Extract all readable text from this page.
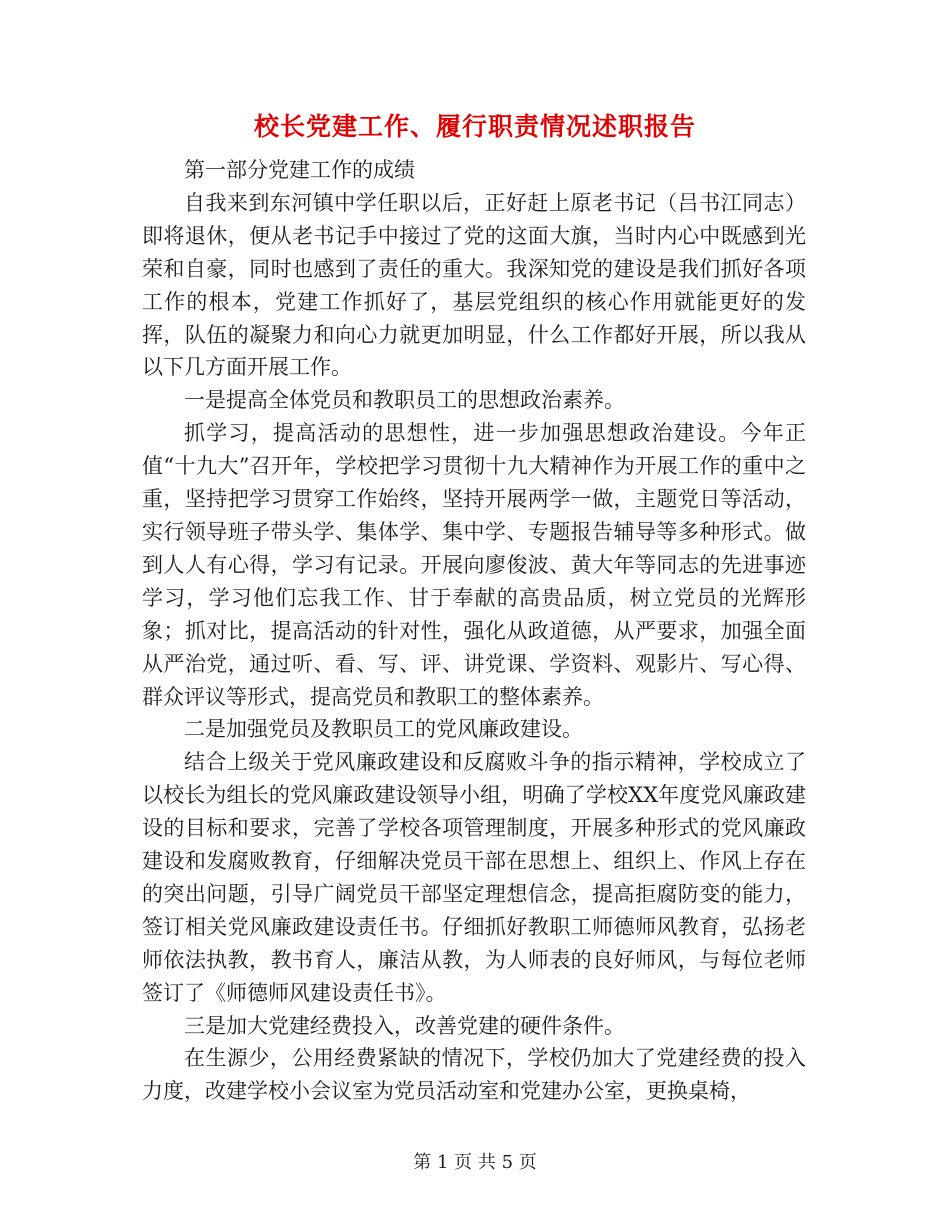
校长党建工作、履行职责情况述职报告

第一部分党建工作的成绩

自我来到东河镇中学任职以后，正好赶上原老书记（吕书江同志）即将退休，便从老书记手中接过了党的这面大旗，当时内心中既感到光荣和自豪，同时也感到了责任的重大。我深知党的建设是我们抓好各项工作的根本，党建工作抓好了，基层党组织的核心作用就能更好的发挥，队伍的凝聚力和向心力就更加明显，什么工作都好开展，所以我从以下几方面开展工作。

一是提高全体党员和教职员工的思想政治素养。

抓学习，提高活动的思想性，进一步加强思想政治建设。今年正值“十九大”召开年，学校把学习贯彻十九大精神作为开展工作的重中之重，坚持把学习贯穿工作始终，坚持开展两学一做，主题党日等活动，实行领导班子带头学、集体学、集中学、专题报告辅导等多种形式。做到人人有心得，学习有记录。开展向廖俊波、黄大年等同志的先进事迹学习，学习他们忘我工作、甘于奉献的高贵品质，树立党员的光辉形象；抓对比，提高活动的针对性，强化从政道德，从严要求，加强全面从严治党，通过听、看、写、评、讲党课、学资料、观影片、写心得、群众评议等形式，提高党员和教职工的整体素养。

二是加强党员及教职员工的党风廉政建设。

结合上级关于党风廉政建设和反腐败斗争的指示精神，学校成立了以校长为组长的党风廉政建设领导小组，明确了学校XX年度党风廉政建设的目标和要求，完善了学校各项管理制度，开展多种形式的党风廉政建设和发腐败教育，仔细解决党员干部在思想上、组织上、作风上存在的突出问题，引导广阔党员干部坚定理想信念，提高拒腐防变的能力，签订相关党风廉政建设责任书。仔细抓好教职工师德师风教育，弘扬老师依法执教，教书育人，廉洁从教，为人师表的良好师风，与每位老师签订了《师德师风建设责任书》。

三是加大党建经费投入，改善党建的硬件条件。

在生源少，公用经费紧缺的情况下，学校仍加大了党建经费的投入力度，改建学校小会议室为党员活动室和党建办公室，更换桌椅，

第 1 页 共 5 页
